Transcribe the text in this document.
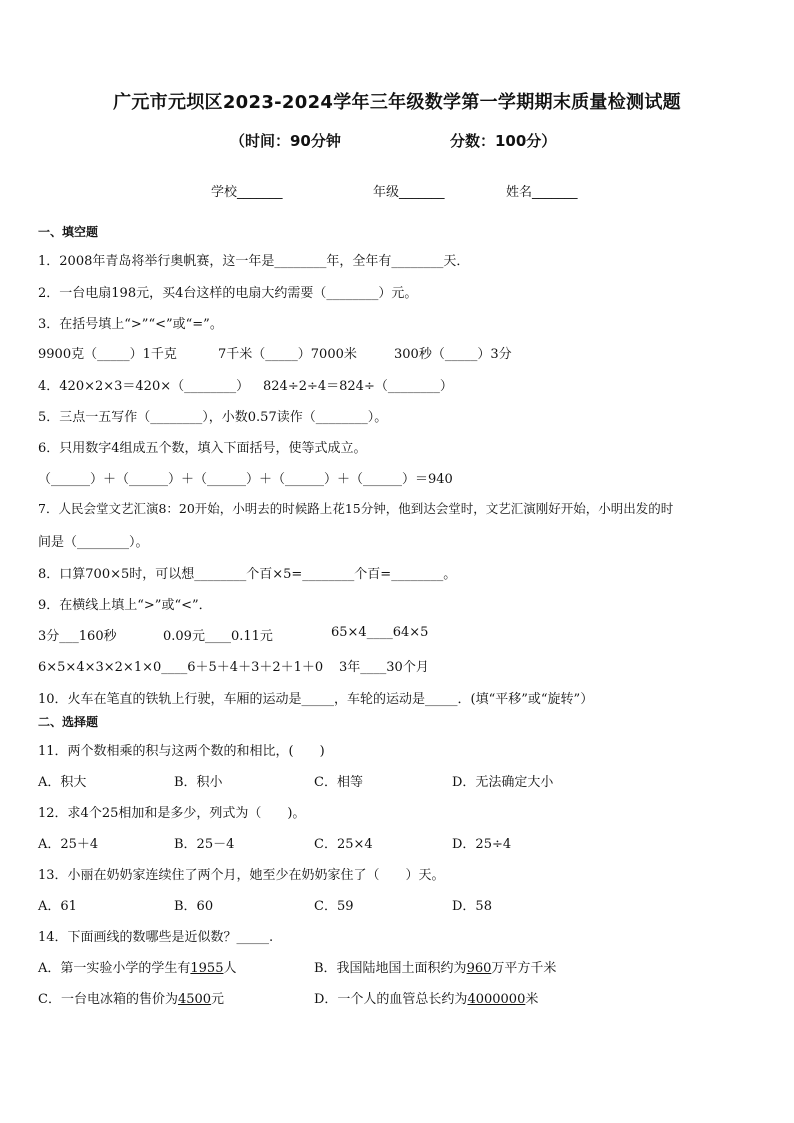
广元市元坝区2023-2024学年三年级数学第一学期期末质量检测试题
（时间：90分钟	分数：100分）
学校_______	年级_______	姓名_______
一、填空题
1．2008年青岛将举行奥帆赛，这一年是________年，全年有________天．
2．一台电扇198元，买4台这样的电扇大约需要（________）元。
3．在括号填上“>”“<”或“=”。
9900克（_____）1千克	7千米（_____）7000米	300秒（_____）3分
4．420×2×3＝420×（________） 824÷2÷4＝824÷（________）
5．三点一五写作（________），小数0.57读作（________）。
6．只用数字4组成五个数，填入下面括号，使等式成立。
（______）＋（______）＋（______）＋（______）＋（______）＝940
7．人民会堂文艺汇演8：20开始，小明去的时候路上花15分钟，他到达会堂时，文艺汇演刚好开始，小明出发的时
间是（________）。
8．口算700×5时，可以想________个百×5=________个百=________。
9．在横线上填上“>”或“<”．
3分___160秒	0.09元____0.11元	65×4____64×5
6×5×4×3×2×1×0____6＋5＋4＋3＋2＋1＋0 3年____30个月
10．火车在笔直的铁轨上行驶，车厢的运动是_____，车轮的运动是_____．(填“平移”或“旋转”）
二、选择题
11．两个数相乘的积与这两个数的和相比，(　　)
A．积大	B．积小	C．相等	D．无法确定大小
12．求4个25相加和是多少，列式为（　　)。
A．25＋4	B．25－4	C．25×4	D．25÷4
13．小丽在奶奶家连续住了两个月，她至少在奶奶家住了（　　）天。
A．61	B．60	C．59	D．58
14．下面画线的数哪些是近似数？_____.
A．第一实验小学的学生有1955人	B．我国陆地国土面积约为960万平方千米
C．一台电冰箱的售价为4500元	D．一个人的血管总长约为4000000米
